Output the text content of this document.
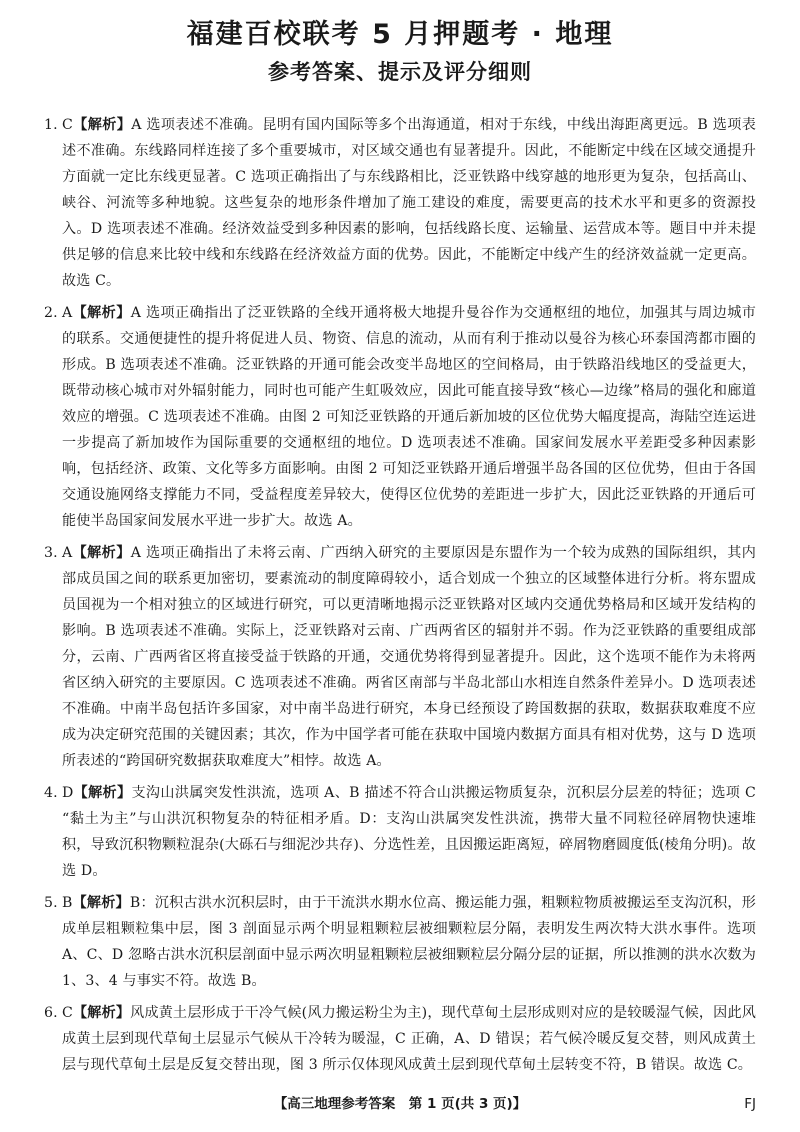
福建百校联考 5 月押题考 · 地理
参考答案、提示及评分细则
1. C【解析】A 选项表述不准确。昆明有国内国际等多个出海通道，相对于东线，中线出海距离更远。B 选项表述不准确。东线路同样连接了多个重要城市，对区域交通也有显著提升。因此，不能断定中线在区域交通提升方面就一定比东线更显著。C 选项正确指出了与东线路相比，泛亚铁路中线穿越的地形更为复杂，包括高山、峡谷、河流等多种地貌。这些复杂的地形条件增加了施工建设的难度，需要更高的技术水平和更多的资源投入。D 选项表述不准确。经济效益受到多种因素的影响，包括线路长度、运输量、运营成本等。题目中并未提供足够的信息来比较中线和东线路在经济效益方面的优势。因此，不能断定中线产生的经济效益就一定更高。故选 C。
2. A【解析】A 选项正确指出了泛亚铁路的全线开通将极大地提升曼谷作为交通枢纽的地位，加强其与周边城市的联系。交通便捷性的提升将促进人员、物资、信息的流动，从而有利于推动以曼谷为核心环泰国湾都市圈的形成。B 选项表述不准确。泛亚铁路的开通可能会改变半岛地区的空间格局，由于铁路沿线地区的受益更大，既带动核心城市对外辐射能力，同时也可能产生虹吸效应，因此可能直接导致“核心—边缘”格局的强化和廊道效应的增强。C 选项表述不准确。由图 2 可知泛亚铁路的开通后新加坡的区位优势大幅度提高，海陆空连运进一步提高了新加坡作为国际重要的交通枢纽的地位。D 选项表述不准确。国家间发展水平差距受多种因素影响，包括经济、政策、文化等多方面影响。由图 2 可知泛亚铁路开通后增强半岛各国的区位优势，但由于各国交通设施网络支撑能力不同，受益程度差异较大，使得区位优势的差距进一步扩大，因此泛亚铁路的开通后可能使半岛国家间发展水平进一步扩大。故选 A。
3. A【解析】A 选项正确指出了未将云南、广西纳入研究的主要原因是东盟作为一个较为成熟的国际组织，其内部成员国之间的联系更加密切，要素流动的制度障碍较小，适合划成一个独立的区域整体进行分析。将东盟成员国视为一个相对独立的区域进行研究，可以更清晰地揭示泛亚铁路对区域内交通优势格局和区域开发结构的影响。B 选项表述不准确。实际上，泛亚铁路对云南、广西两省区的辐射并不弱。作为泛亚铁路的重要组成部分，云南、广西两省区将直接受益于铁路的开通，交通优势将得到显著提升。因此，这个选项不能作为未将两省区纳入研究的主要原因。C 选项表述不准确。两省区南部与半岛北部山水相连自然条件差异小。D 选项表述不准确。中南半岛包括许多国家，对中南半岛进行研究，本身已经预设了跨国数据的获取，数据获取难度不应成为决定研究范围的关键因素；其次，作为中国学者可能在获取中国境内数据方面具有相对优势，这与 D 选项所表述的“跨国研究数据获取难度大”相悖。故选 A。
4. D【解析】支沟山洪属突发性洪流，选项 A、B 描述不符合山洪搬运物质复杂，沉积层分层差的特征；选项 C “黏土为主”与山洪沉积物复杂的特征相矛盾。D：支沟山洪属突发性洪流，携带大量不同粒径碎屑物快速堆积，导致沉积物颗粒混杂(大砾石与细泥沙共存)、分选性差，且因搬运距离短，碎屑物磨圆度低(棱角分明)。故选 D。
5. B【解析】B：沉积古洪水沉积层时，由于干流洪水期水位高、搬运能力强，粗颗粒物质被搬运至支沟沉积，形成单层粗颗粒集中层，图 3 剖面显示两个明显粗颗粒层被细颗粒层分隔，表明发生两次特大洪水事件。选项 A、C、D 忽略古洪水沉积层剖面中显示两次明显粗颗粒层被细颗粒层分隔分层的证据，所以推测的洪水次数为 1、3、4 与事实不符。故选 B。
6. C【解析】风成黄土层形成于干冷气候(风力搬运粉尘为主)，现代草甸土层形成则对应的是较暖湿气候，因此风成黄土层到现代草甸土层显示气候从干冷转为暖湿，C 正确，A、D 错误；若气候冷暖反复交替，则风成黄土层与现代草甸土层是反复交替出现，图 3 所示仅体现风成黄土层到现代草甸土层转变不符，B 错误。故选 C。
【高三地理参考答案　第 1 页(共 3 页)】	FJ
